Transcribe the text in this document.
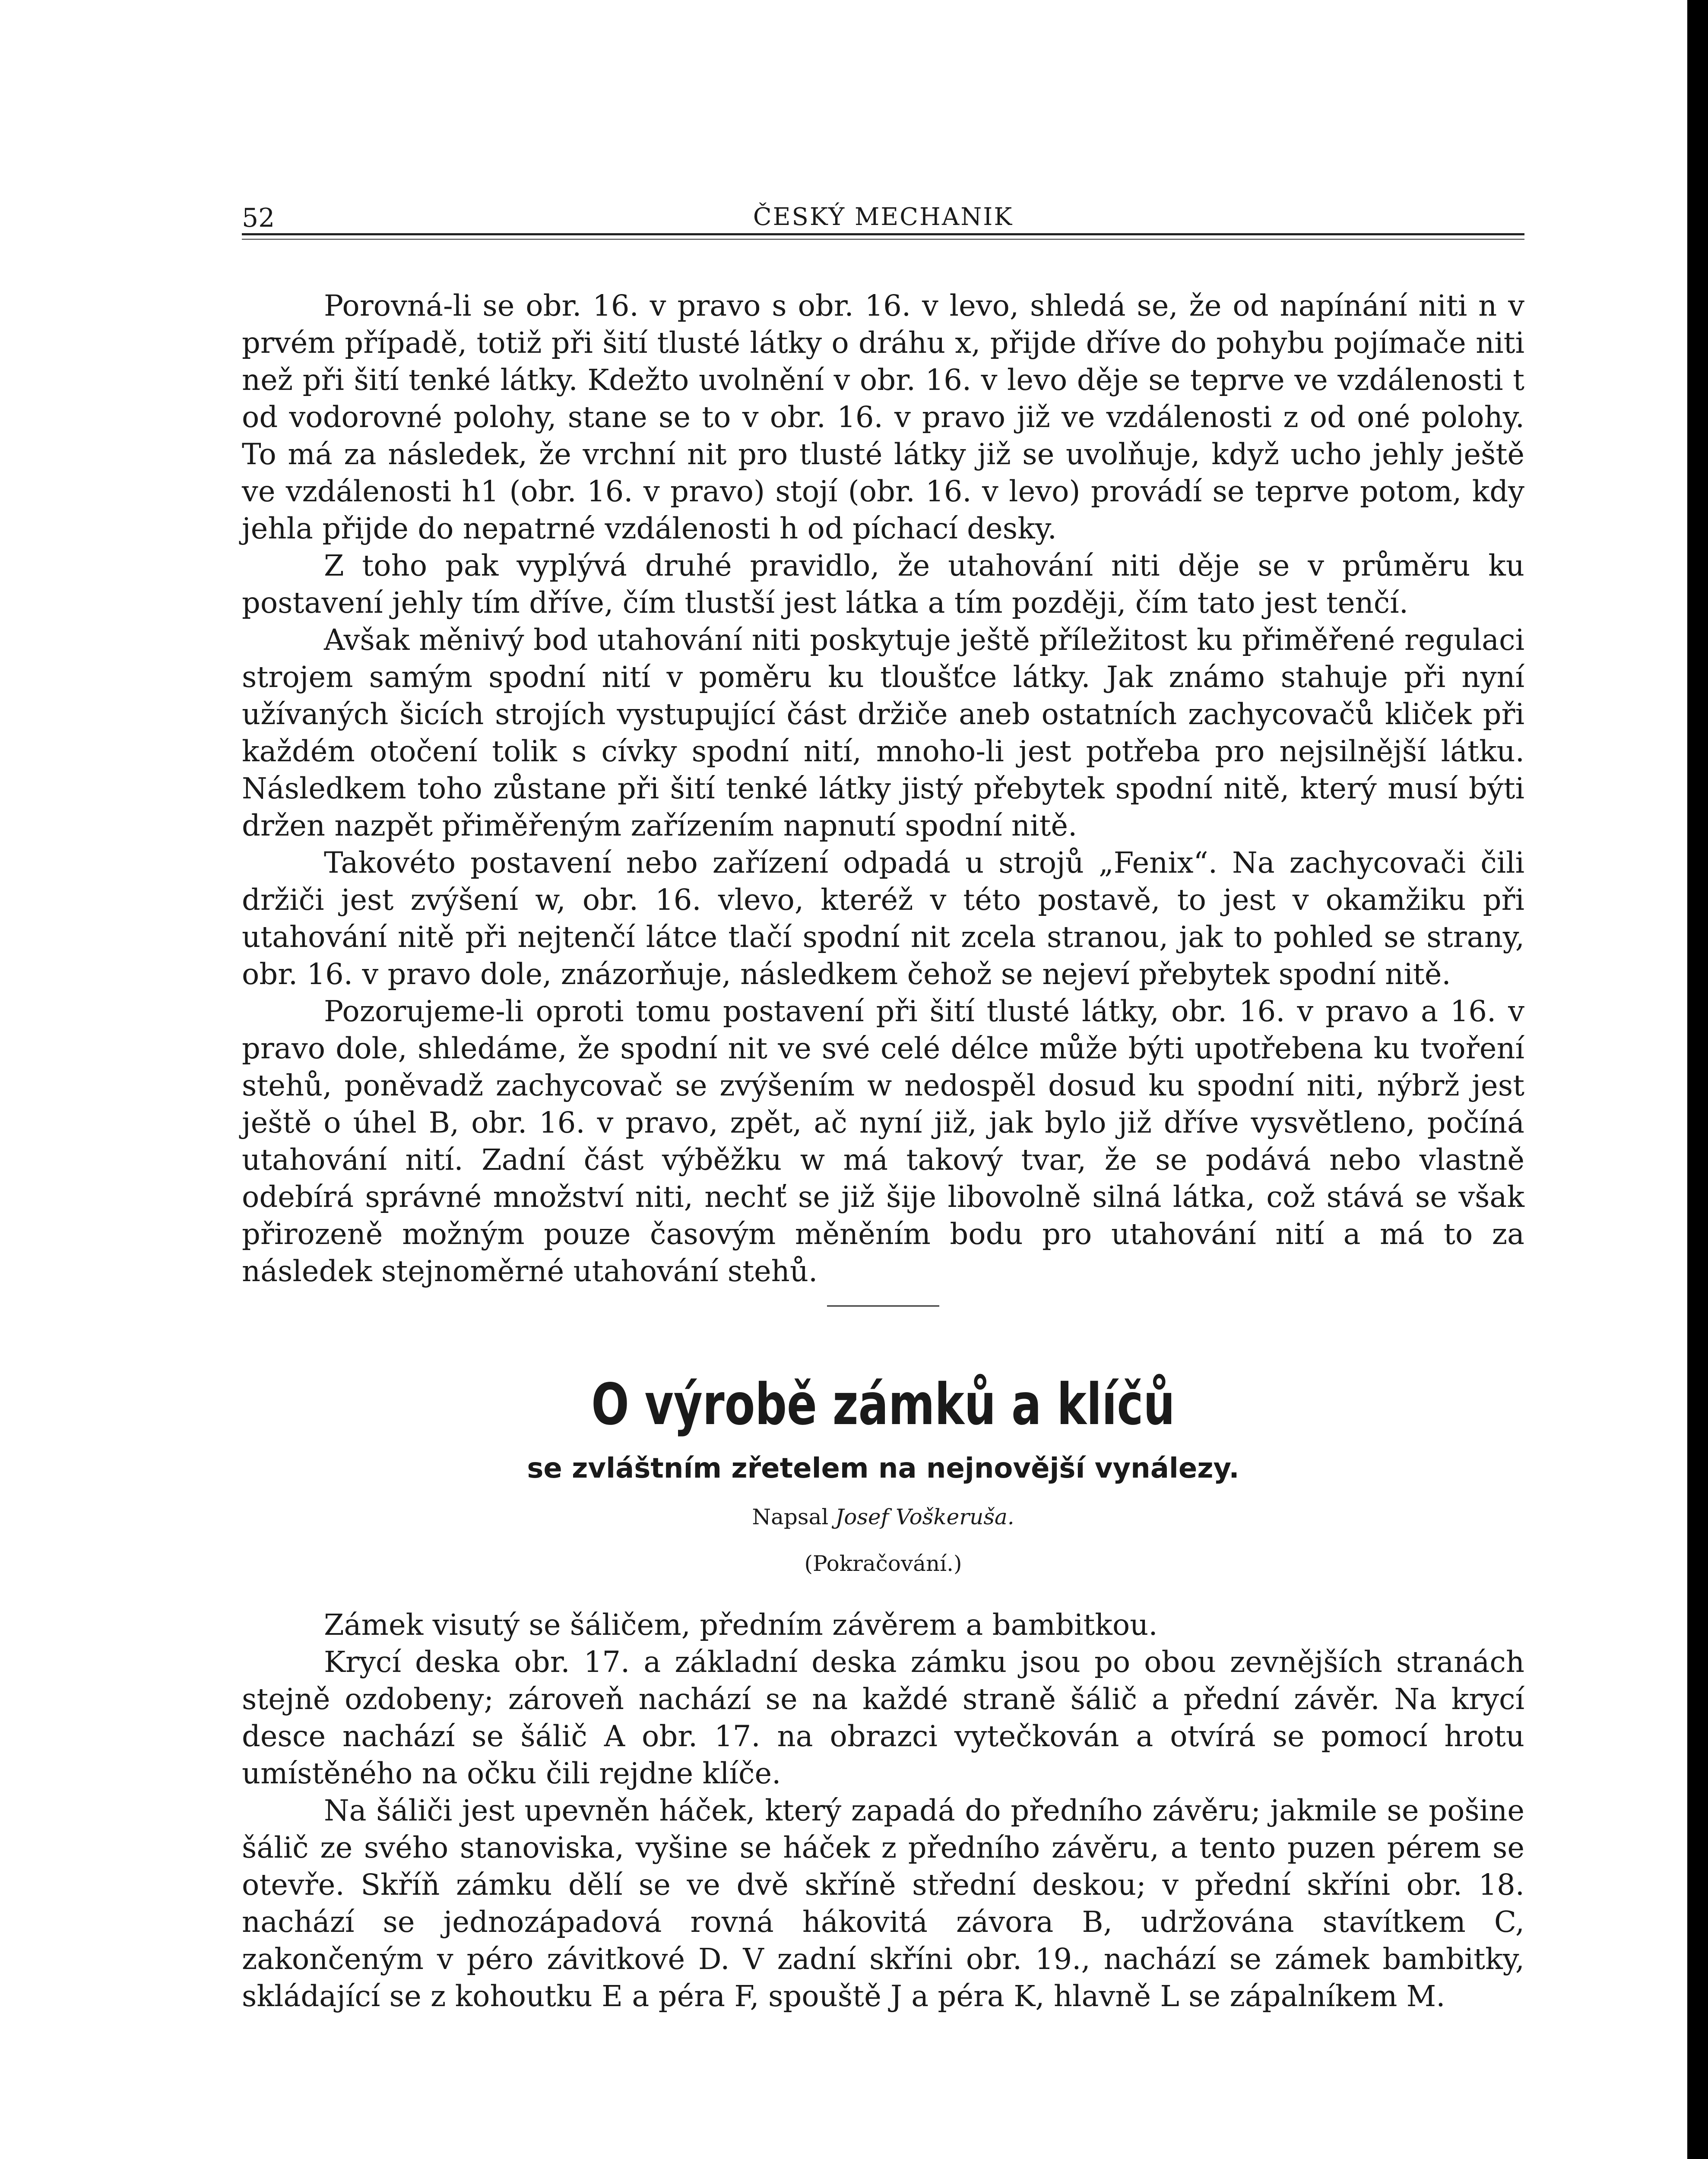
52	ČESKÝ MECHANIK

Porovná-li se obr. 16. v pravo s obr. 16. v levo, shledá se, že od napínání niti n v prvém případě, totiž při šití tlusté látky o dráhu x, přijde dříve do pohybu pojímače niti než při šití tenké látky. Kdežto uvolnění v obr. 16. v levo děje se teprve ve vzdálenosti t od vodorovné polohy, stane se to v obr. 16. v pravo již ve vzdálenosti z od oné polohy. To má za následek, že vrchní nit pro tlusté látky již se uvolňuje, když ucho jehly ještě ve vzdálenosti h1 (obr. 16. v pravo) stojí (obr. 16. v levo) provádí se teprve potom, kdy jehla přijde do nepatrné vzdálenosti h od píchací desky.

Z toho pak vyplývá druhé pravidlo, že utahování niti děje se v průměru ku postavení jehly tím dříve, čím tlustší jest látka a tím později, čím tato jest tenčí.

Avšak měnivý bod utahování niti poskytuje ještě příležitost ku přiměřené regulaci strojem samým spodní nití v poměru ku tloušťce látky. Jak známo stahuje při nyní užívaných šicích strojích vystupující část držiče aneb ostatních zachycovačů kliček při každém otočení tolik s cívky spodní nití, mnoho-li jest potřeba pro nejsilnější látku. Následkem toho zůstane při šití tenké látky jistý přebytek spodní nitě, který musí býti držen nazpět přiměřeným zařízením napnutí spodní nitě.

Takovéto postavení nebo zařízení odpadá u strojů „Fenix“. Na zachycovači čili držiči jest zvýšení w, obr. 16. vlevo, kteréž v této postavě, to jest v okamžiku při utahování nitě při nejtenčí látce tlačí spodní nit zcela stranou, jak to pohled se strany, obr. 16. v pravo dole, znázorňuje, následkem čehož se nejeví přebytek spodní nitě.

Pozorujeme-li oproti tomu postavení při šití tlusté látky, obr. 16. v pravo a 16. v pravo dole, shledáme, že spodní nit ve své celé délce může býti upotřebena ku tvoření stehů, poněvadž zachycovač se zvýšením w nedospěl dosud ku spodní niti, nýbrž jest ještě o úhel B, obr. 16. v pravo, zpět, ač nyní již, jak bylo již dříve vysvětleno, počíná utahování nití. Zadní část výběžku w má takový tvar, že se podává nebo vlastně odebírá správné množství niti, nechť se již šije libovolně silná látka, což stává se však přirozeně možným pouze časovým měněním bodu pro utahování nití a má to za následek stejnoměrné utahování stehů.

O výrobě zámků a klíčů
se zvláštním zřetelem na nejnovější vynálezy.
Napsal Josef Voškeruša.
(Pokračování.)

Zámek visutý se šáličem, předním závěrem a bambitkou.

Krycí deska obr. 17. a základní deska zámku jsou po obou zevnějších stranách stejně ozdobeny; zároveň nachází se na každé straně šálič a přední závěr. Na krycí desce nachází se šálič A obr. 17. na obrazci vytečkován a otvírá se pomocí hrotu umístěného na očku čili rejdne klíče.

Na šáliči jest upevněn háček, který zapadá do předního závěru; jakmile se pošine šálič ze svého stanoviska, vyšine se háček z předního závěru, a tento puzen pérem se otevře. Skříň zámku dělí se ve dvě skříně střední deskou; v přední skříni obr. 18. nachází se jednozápadová rovná hákovitá závora B, udržována stavítkem C, zakončeným v péro závitkové D. V zadní skříni obr. 19., nachází se zámek bambitky, skládající se z kohoutku E a péra F, spouště J a péra K, hlavně L se zápalníkem M.
